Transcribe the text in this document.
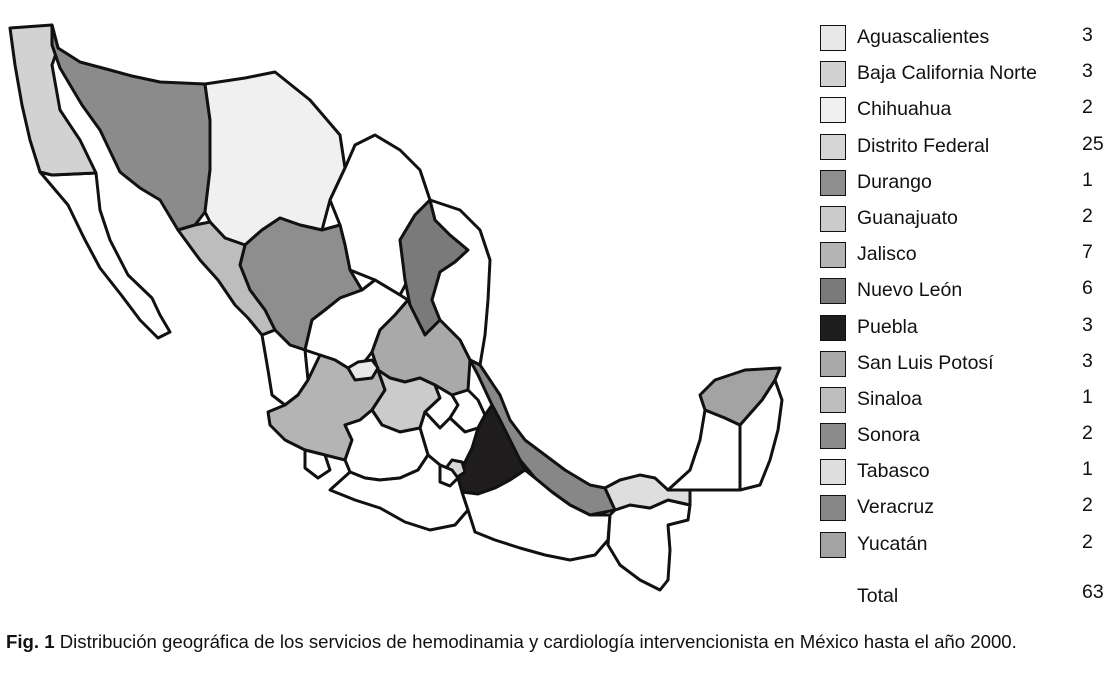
Aguascalientes	3
Baja California Norte 3
Chihuahua	2
Distrito Federal	25
Durango	1
Guanajuato	2
Jalisco	7
Nuevo León	6
Puebla	3
San Luis Potosí	3
Sinaloa	1
Sonora	2
Tabasco	1
Veracruz	2
Yucatán	2
Total	63
Fig. 1 Distribución geográfica de los servicios de hemodinamia y cardiología intervencionista en México hasta el año 2000.
